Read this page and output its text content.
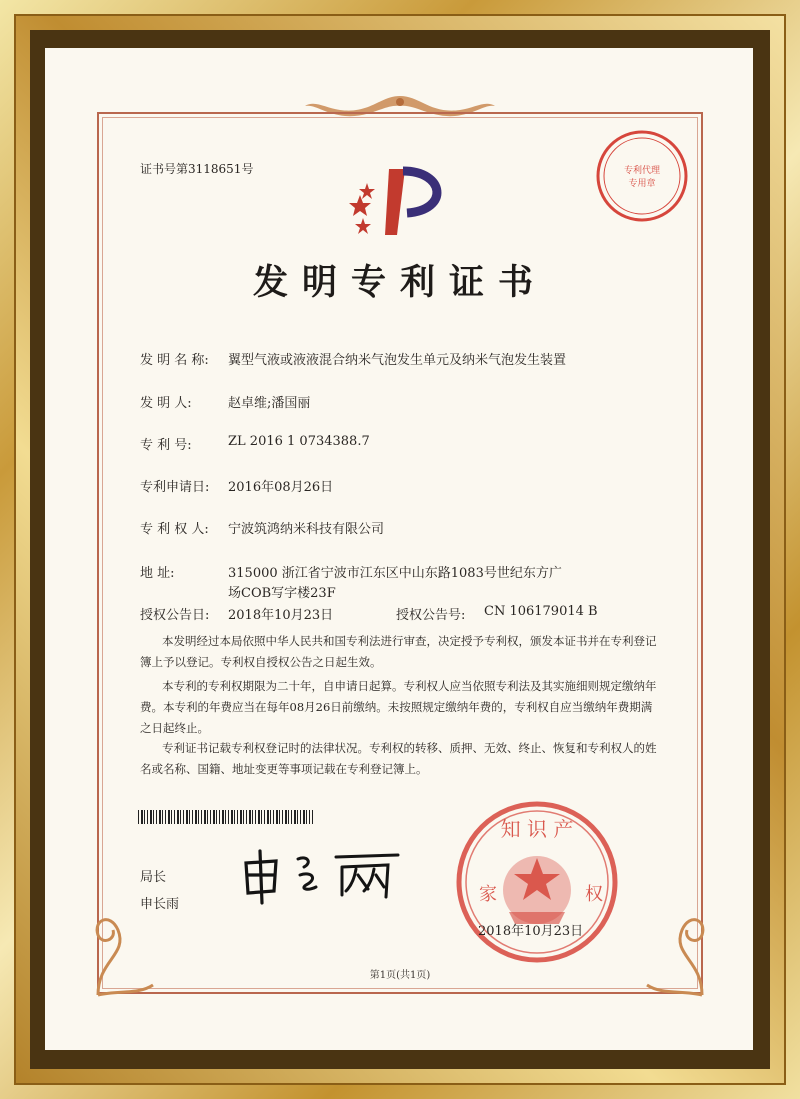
证书号第3118651号	专利代理
专用章
发明专利证书
发 明 名 称: 翼型气液或液液混合纳米气泡发生单元及纳米气泡发生装置
发 明 人:	赵卓维;潘国丽
专 利 号:	ZL 2016 1 0734388.7
专利申请日: 2016年08月26日
专 利 权 人: 宁波筑鸿纳米科技有限公司
地 址:	315000 浙江省宁波市江东区中山东路1083号世纪东方广
场COB写字楼23F
授权公告日: 2018年10月23日	授权公告号: CN 106179014 B
本发明经过本局依照中华人民共和国专利法进行审查，决定授予专利权，颁发本证书并在专利登记簿上予以登记。专利权自授权公告之日起生效。
本专利的专利权期限为二十年，自申请日起算。专利权人应当依照专利法及其实施细则规定缴纳年费。本专利的年费应当在每年08月26日前缴纳。未按照规定缴纳年费的，专利权自应当缴纳年费期满之日起终止。
专利证书记载专利权登记时的法律状况。专利权的转移、质押、无效、终止、恢复和专利权人的姓名或名称、国籍、地址变更等事项记载在专利登记簿上。
局长
申长雨
知 识 产
家	权
2018年10月23日
第1页(共1页)
